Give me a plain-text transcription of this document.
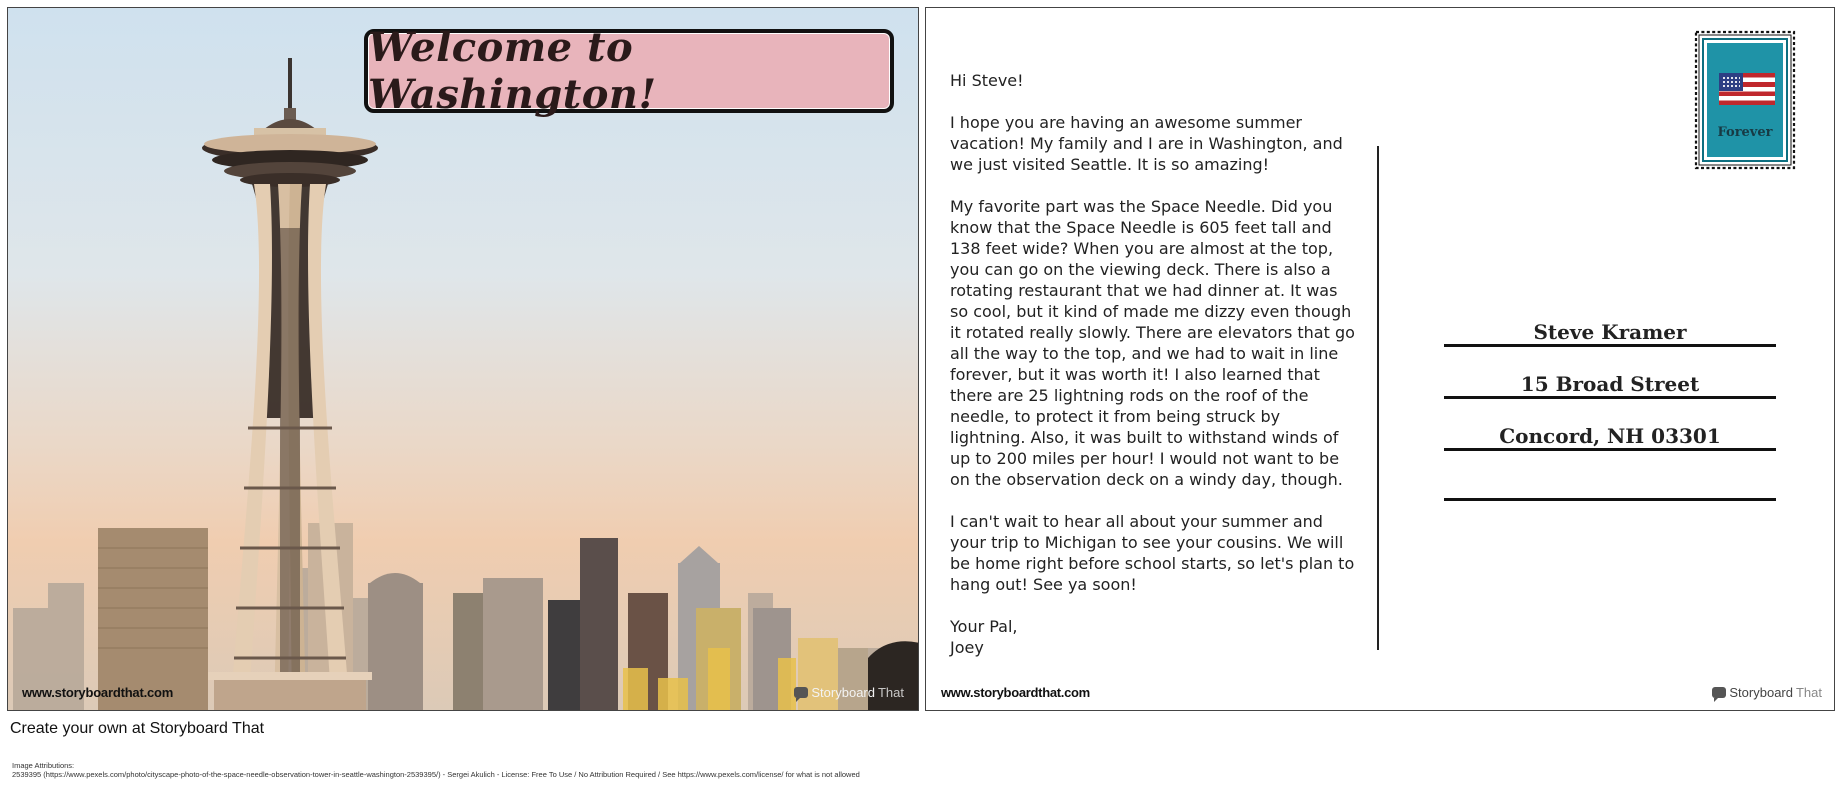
Welcome to Washington!
www.storyboardthat.com	Storyboard That

Hi Steve!

I hope you are having an awesome summer vacation! My family and I are in Washington, and we just visited Seattle. It is so amazing!

My favorite part was the Space Needle. Did you know that the Space Needle is 605 feet tall and 138 feet wide? When you are almost at the top, you can go on the viewing deck. There is also a rotating restaurant that we had dinner at. It was so cool, but it kind of made me dizzy even though it rotated really slowly. There are elevators that go all the way to the top, and we had to wait in line forever, but it was worth it! I also learned that there are 25 lightning rods on the roof of the needle, to protect it from being struck by lightning. Also, it was built to withstand winds of up to 200 miles per hour! I would not want to be on the observation deck on a windy day, though.

I can't wait to hear all about your summer and your trip to Michigan to see your cousins. We will be home right before school starts, so let's plan to hang out! See ya soon!

Your Pal,

Joey

Forever
Steve Kramer
15 Broad Street
Concord, NH 03301
www.storyboardthat.com	Storyboard That
Create your own at Storyboard That
Image Attributions:
2539395 (https://www.pexels.com/photo/cityscape-photo-of-the-space-needle-observation-tower-in-seattle-washington-2539395/) - Sergei Akulich - License: Free To Use / No Attribution Required / See https://www.pexels.com/license/ for what is not allowed
